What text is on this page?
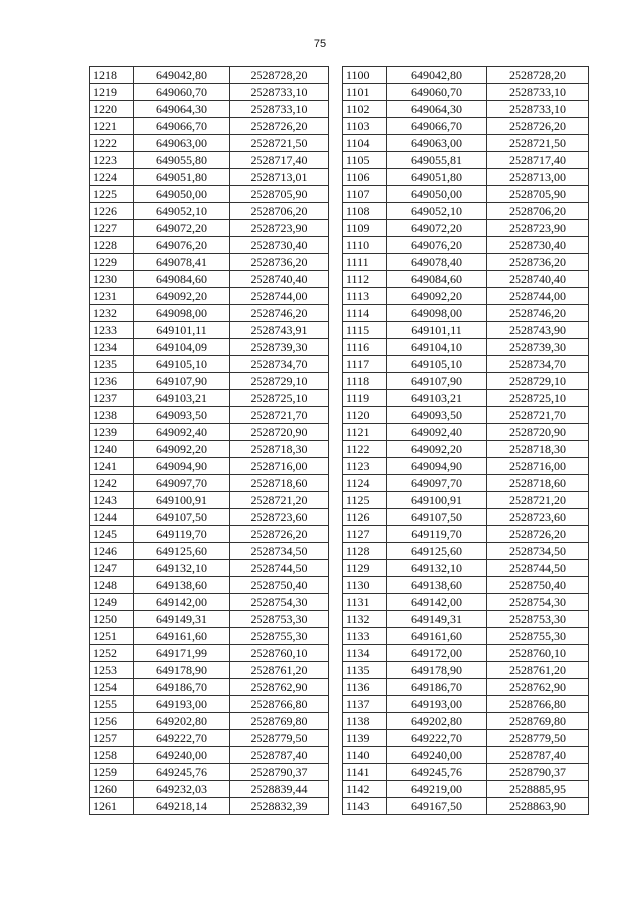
75
1218	649042,80	2528728,20
1219	649060,70	2528733,10
1220	649064,30	2528733,10
1221	649066,70	2528726,20
1222	649063,00	2528721,50
1223	649055,80	2528717,40
1224	649051,80	2528713,01
1225	649050,00	2528705,90
1226	649052,10	2528706,20
1227	649072,20	2528723,90
1228	649076,20	2528730,40
1229	649078,41	2528736,20
1230	649084,60	2528740,40
1231	649092,20	2528744,00
1232	649098,00	2528746,20
1233	649101,11	2528743,91
1234	649104,09	2528739,30
1235	649105,10	2528734,70
1236	649107,90	2528729,10
1237	649103,21	2528725,10
1238	649093,50	2528721,70
1239	649092,40	2528720,90
1240	649092,20	2528718,30
1241	649094,90	2528716,00
1242	649097,70	2528718,60
1243	649100,91	2528721,20
1244	649107,50	2528723,60
1245	649119,70	2528726,20
1246	649125,60	2528734,50
1247	649132,10	2528744,50
1248	649138,60	2528750,40
1249	649142,00	2528754,30
1250	649149,31	2528753,30
1251	649161,60	2528755,30
1252	649171,99	2528760,10
1253	649178,90	2528761,20
1254	649186,70	2528762,90
1255	649193,00	2528766,80
1256	649202,80	2528769,80
1257	649222,70	2528779,50
1258	649240,00	2528787,40
1259	649245,76	2528790,37
1260	649232,03	2528839,44
1261	649218,14	2528832,39
1100	649042,80	2528728,20
1101	649060,70	2528733,10
1102	649064,30	2528733,10
1103	649066,70	2528726,20
1104	649063,00	2528721,50
1105	649055,81	2528717,40
1106	649051,80	2528713,00
1107	649050,00	2528705,90
1108	649052,10	2528706,20
1109	649072,20	2528723,90
1110	649076,20	2528730,40
1111	649078,40	2528736,20
1112	649084,60	2528740,40
1113	649092,20	2528744,00
1114	649098,00	2528746,20
1115	649101,11	2528743,90
1116	649104,10	2528739,30
1117	649105,10	2528734,70
1118	649107,90	2528729,10
1119	649103,21	2528725,10
1120	649093,50	2528721,70
1121	649092,40	2528720,90
1122	649092,20	2528718,30
1123	649094,90	2528716,00
1124	649097,70	2528718,60
1125	649100,91	2528721,20
1126	649107,50	2528723,60
1127	649119,70	2528726,20
1128	649125,60	2528734,50
1129	649132,10	2528744,50
1130	649138,60	2528750,40
1131	649142,00	2528754,30
1132	649149,31	2528753,30
1133	649161,60	2528755,30
1134	649172,00	2528760,10
1135	649178,90	2528761,20
1136	649186,70	2528762,90
1137	649193,00	2528766,80
1138	649202,80	2528769,80
1139	649222,70	2528779,50
1140	649240,00	2528787,40
1141	649245,76	2528790,37
1142	649219,00	2528885,95
1143	649167,50	2528863,90
